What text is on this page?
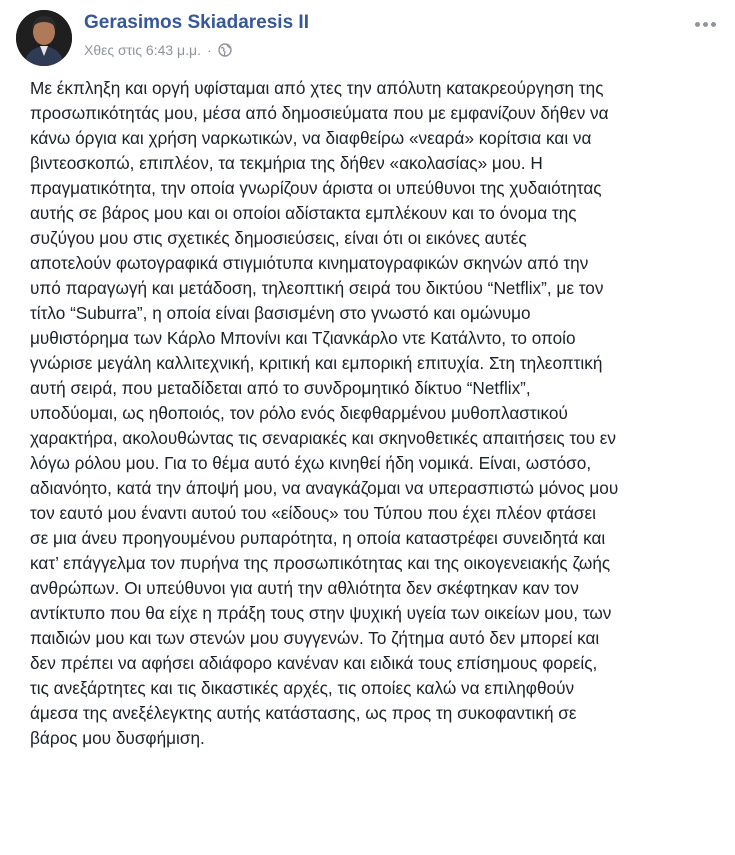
Gerasimos Skiadaresis II
Χθες στις 6:43 μ.μ. ·
Με έκπληξη και οργή υφίσταμαι από χτες την απόλυτη κατακρεούργηση της
προσωπικότητάς μου, μέσα από δημοσιεύματα που με εμφανίζουν δήθεν να
κάνω όργια και χρήση ναρκωτικών, να διαφθείρω «νεαρά» κορίτσια και να
βιντεοσκοπώ, επιπλέον, τα τεκμήρια της δήθεν «ακολασίας» μου. Η
πραγματικότητα, την οποία γνωρίζουν άριστα οι υπεύθυνοι της χυδαιότητας
αυτής σε βάρος μου και οι οποίοι αδίστακτα εμπλέκουν και το όνομα της
συζύγου μου στις σχετικές δημοσιεύσεις, είναι ότι οι εικόνες αυτές
αποτελούν φωτογραφικά στιγμιότυπα κινηματογραφικών σκηνών από την
υπό παραγωγή και μετάδοση, τηλεοπτική σειρά του δικτύου “Netflix”, με τον
τίτλο “Suburra”, η οποία είναι βασισμένη στο γνωστό και ομώνυμο
μυθιστόρημα των Κάρλο Μπονίνι και Τζιανκάρλο ντε Κατάλντο, το οποίο
γνώρισε μεγάλη καλλιτεχνική, κριτική και εμπορική επιτυχία. Στη τηλεοπτική
αυτή σειρά, που μεταδίδεται από το συνδρομητικό δίκτυο “Netflix”,
υποδύομαι, ως ηθοποιός, τον ρόλο ενός διεφθαρμένου μυθοπλαστικού
χαρακτήρα, ακολουθώντας τις σεναριακές και σκηνοθετικές απαιτήσεις του εν
λόγω ρόλου μου. Για το θέμα αυτό έχω κινηθεί ήδη νομικά. Είναι, ωστόσο,
αδιανόητο, κατά την άποψή μου, να αναγκάζομαι να υπερασπιστώ μόνος μου
τον εαυτό μου έναντι αυτού του «είδους» του Τύπου που έχει πλέον φτάσει
σε μια άνευ προηγουμένου ρυπαρότητα, η οποία καταστρέφει συνειδητά και
κατ’ επάγγελμα τον πυρήνα της προσωπικότητας και της οικογενειακής ζωής
ανθρώπων. Οι υπεύθυνοι για αυτή την αθλιότητα δεν σκέφτηκαν καν τον
αντίκτυπο που θα είχε η πράξη τους στην ψυχική υγεία των οικείων μου, των
παιδιών μου και των στενών μου συγγενών. Το ζήτημα αυτό δεν μπορεί και
δεν πρέπει να αφήσει αδιάφορο κανέναν και ειδικά τους επίσημους φορείς,
τις ανεξάρτητες και τις δικαστικές αρχές, τις οποίες καλώ να επιληφθούν
άμεσα της ανεξέλεγκτης αυτής κατάστασης, ως προς τη συκοφαντική σε
βάρος μου δυσφήμιση.
